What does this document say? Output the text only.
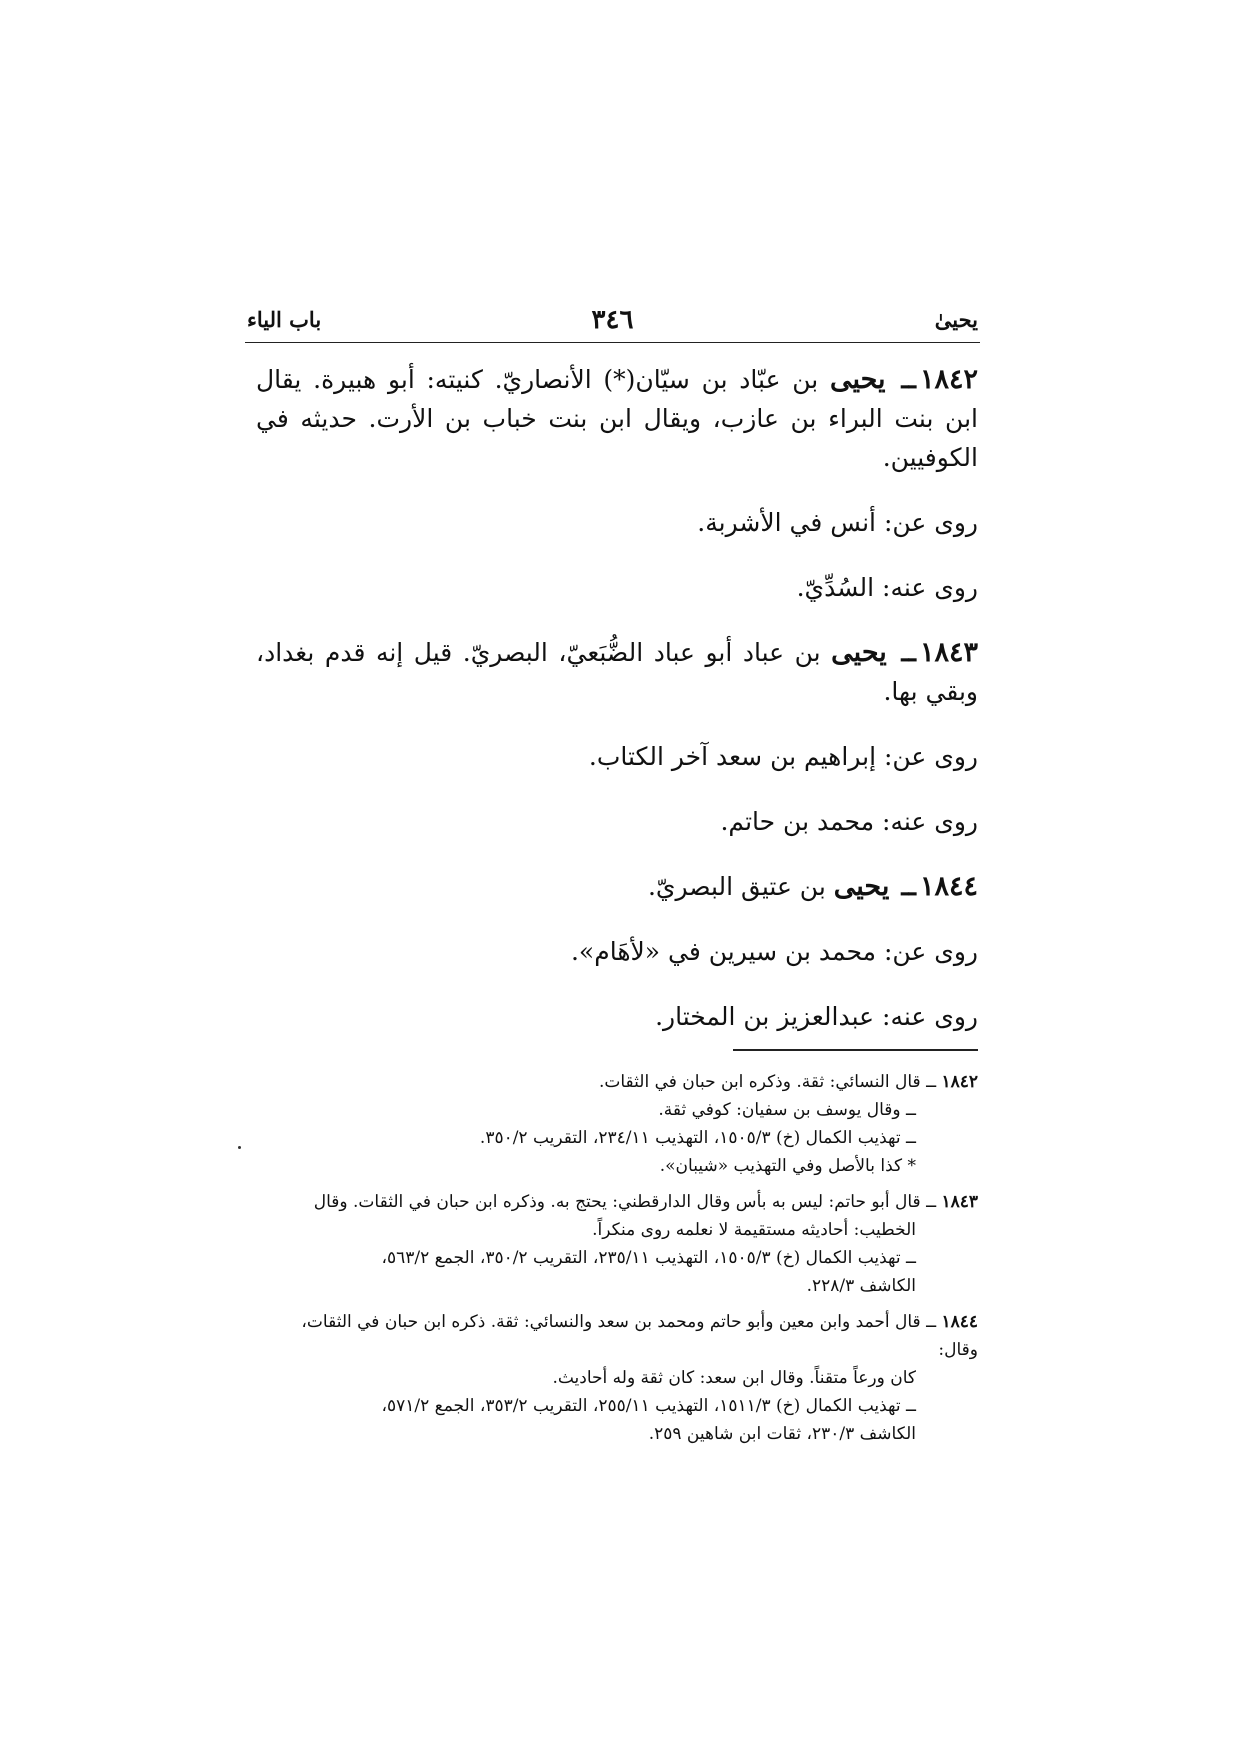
يحيىٰ
٣٤٦
باب الياء

١٨٤٢ــ يحيى بن عبّاد بن سيّان(*) الأنصاريّ. كنيته: أبو هبيرة. يقال ابن بنت البراء بن عازب، ويقال ابن بنت خباب بن الأرت. حديثه في الكوفيين.

روى عن: أنس في الأشربة.

روى عنه: السُدِّيّ.

١٨٤٣ــ يحيى بن عباد أبو عباد الضُّبَعيّ، البصريّ. قيل إنه قدم بغداد، وبقي بها.

روى عن: إبراهيم بن سعد آخر الكتاب.

روى عنه: محمد بن حاتم.

١٨٤٤ــ يحيى بن عتيق البصريّ.

روى عن: محمد بن سيرين في «لأهَام».

روى عنه: عبدالعزيز بن المختار.

١٨٤٢ ــ قال النسائي: ثقة. وذكره ابن حبان في الثقات.
ــ وقال يوسف بن سفيان: كوفي ثقة.
ــ تهذيب الكمال (خ) ١٥٠٥/٣، التهذيب ٢٣٤/١١، التقريب ٣٥٠/٢.
* كذا بالأصل وفي التهذيب «شيبان».
١٨٤٣ ــ قال أبو حاتم: ليس به بأس وقال الدارقطني: يحتج به. وذكره ابن حبان في الثقات. وقال
الخطيب: أحاديثه مستقيمة لا نعلمه روى منكراً.
ــ تهذيب الكمال (خ) ١٥٠٥/٣، التهذيب ٢٣٥/١١، التقريب ٣٥٠/٢، الجمع ٥٦٣/٢،
الكاشف ٢٢٨/٣.
١٨٤٤ ــ قال أحمد وابن معين وأبو حاتم ومحمد بن سعد والنسائي: ثقة. ذكره ابن حبان في الثقات، وقال:
كان ورعاً متقناً. وقال ابن سعد: كان ثقة وله أحاديث.
ــ تهذيب الكمال (خ) ١٥١١/٣، التهذيب ٢٥٥/١١، التقريب ٣٥٣/٢، الجمع ٥٧١/٢،
الكاشف ٢٣٠/٣، ثقات ابن شاهين ٢٥٩.
